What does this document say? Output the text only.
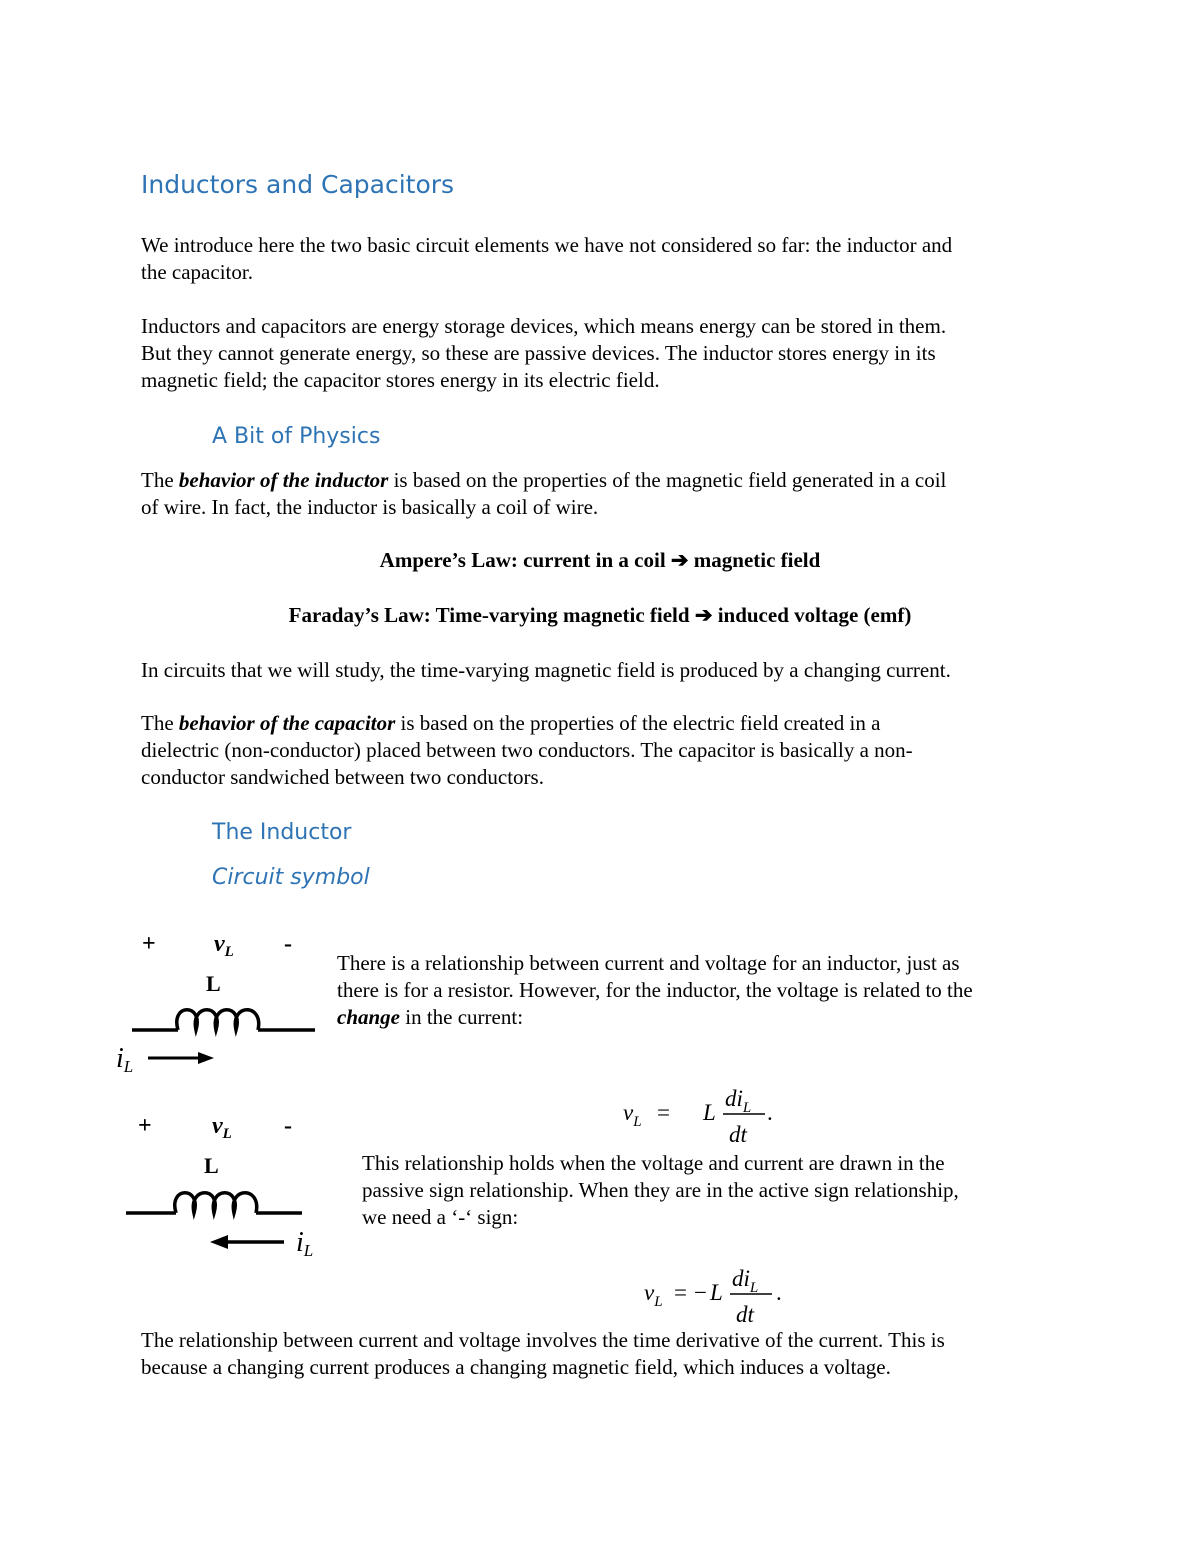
Inductors and Capacitors
We introduce here the two basic circuit elements we have not considered so far: the inductor and
the capacitor.
Inductors and capacitors are energy storage devices, which means energy can be stored in them.
But they cannot generate energy, so these are passive devices. The inductor stores energy in its
magnetic field; the capacitor stores energy in its electric field.
A Bit of Physics
The behavior of the inductor is based on the properties of the magnetic field generated in a coil
of wire. In fact, the inductor is basically a coil of wire.
Ampere’s Law: current in a coil ➔ magnetic field
Faraday’s Law: Time-varying magnetic field ➔ induced voltage (emf)
In circuits that we will study, the time-varying magnetic field is produced by a changing current.
The behavior of the capacitor is based on the properties of the electric field created in a
dielectric (non-conductor) placed between two conductors. The capacitor is basically a non-
conductor sandwiched between two conductors.
The Inductor
Circuit symbol
+ $v_L$ -
L
iL
There is a relationship between current and voltage for an inductor, just as
there is for a resistor. However, for the inductor, the voltage is related to the
change in the current:
$v_L = L$
$di_L$
dt
.
+	$v_L$ -
L
iL
This relationship holds when the voltage and current are drawn in the
passive sign relationship. When they are in the active sign relationship,
we need a ‘-‘ sign:
$v_L$ = − L
$di_L$
dt
.
The relationship between current and voltage involves the time derivative of the current. This is
because a changing current produces a changing magnetic field, which induces a voltage.
